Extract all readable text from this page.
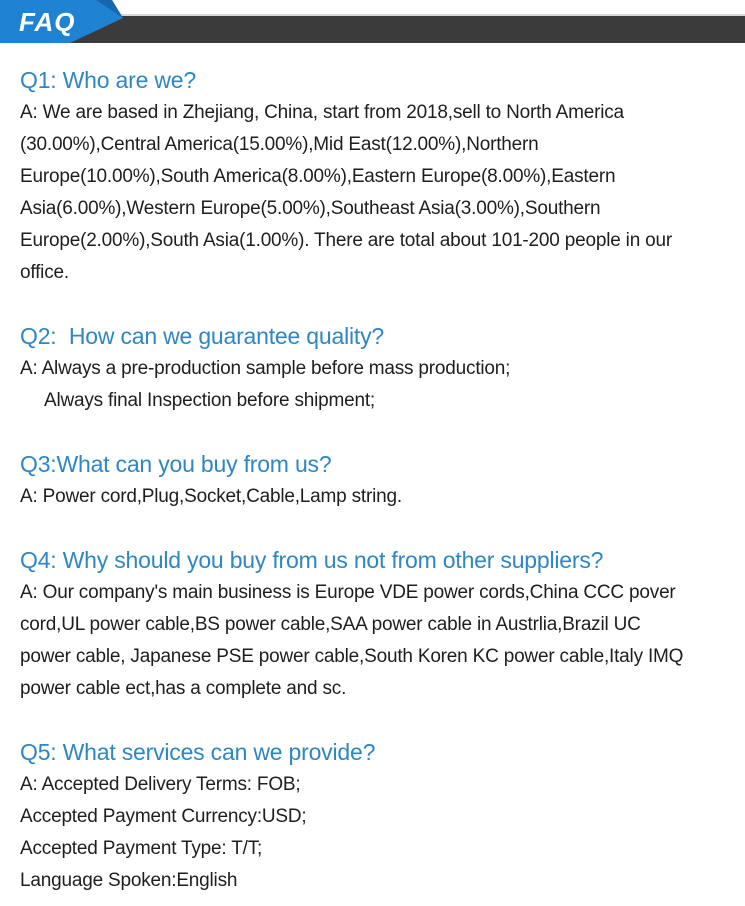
FAQ
Q1: Who are we?

A: We are based in Zhejiang, China, start from 2018,sell to North America

(30.00%),Central America(15.00%),Mid East(12.00%),Northern

Europe(10.00%),South America(8.00%),Eastern Europe(8.00%),Eastern

Asia(6.00%),Western Europe(5.00%),Southeast Asia(3.00%),Southern

Europe(2.00%),South Asia(1.00%). There are total about 101-200 people in our

office.

Q2:  How can we guarantee quality?

A: Always a pre-production sample before mass production;

Always final Inspection before shipment;

Q3:What can you buy from us?

A: Power cord,Plug,Socket,Cable,Lamp string.

Q4: Why should you buy from us not from other suppliers?

A: Our company's main business is Europe VDE power cords,China CCC pover

cord,UL power cable,BS power cable,SAA power cable in Austrlia,Brazil UC

power cable, Japanese PSE power cable,South Koren KC power cable,Italy IMQ

power cable ect,has a complete and sc.

Q5: What services can we provide?

A: Accepted Delivery Terms: FOB;

Accepted Payment Currency:USD;

Accepted Payment Type: T/T;

Language Spoken:English
